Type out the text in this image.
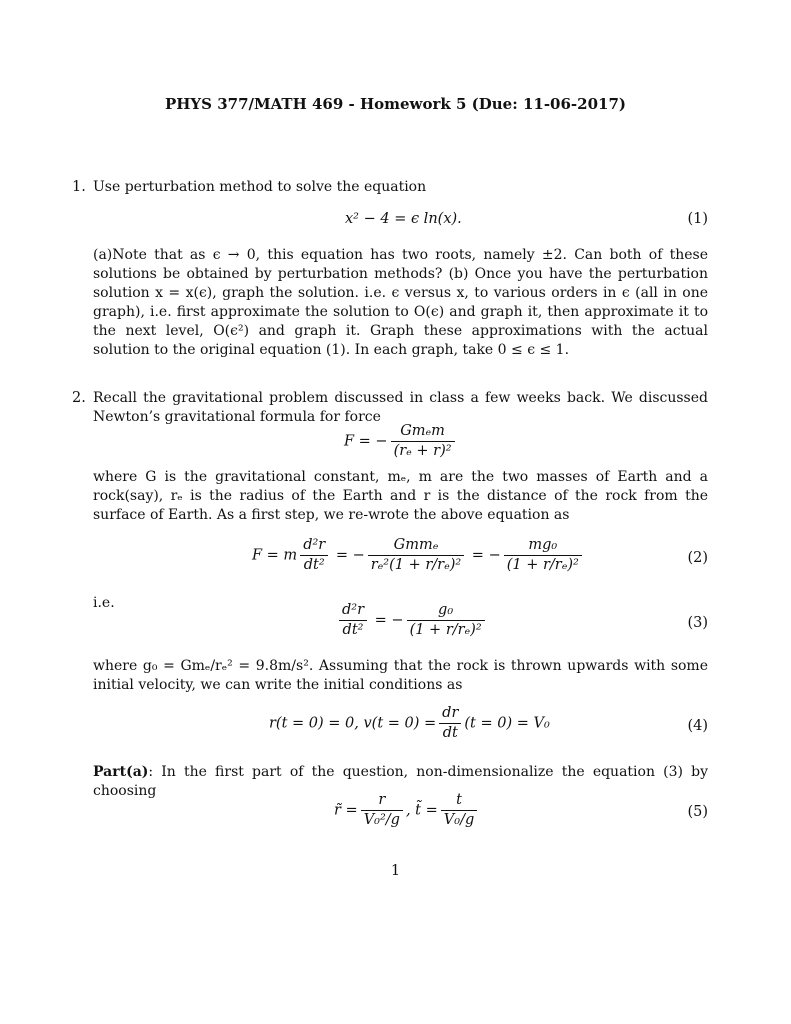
PHYS 377/MATH 469 - Homework 5 (Due: 11-06-2017)
1. Use perturbation method to solve the equation
x² − 4 = ϵ ln(x).	(1)
(a)Note that as ϵ → 0, this equation has two roots, namely ±2. Can both of these solutions be obtained by perturbation methods? (b) Once you have the perturbation solution x = x(ϵ), graph the solution. i.e. ϵ versus x, to various orders in ϵ (all in one graph), i.e. first approximate the solution to O(ϵ) and graph it, then approximate it to the next level, O(ϵ²) and graph it. Graph these approximations with the actual solution to the original equation (1). In each graph, take 0 ≤ ϵ ≤ 1.
2. Recall the gravitational problem discussed in class a few weeks back. We discussed Newton’s gravitational formula for force
F = − $\frac{\text{Gmₑm}}{\text{(rₑ + r)²}}$
where G is the gravitational constant, mₑ, m are the two masses of Earth and a rock(say), rₑ is the radius of the Earth and r is the distance of the rock from the surface of Earth. As a first step, we re-wrote the above equation as
F = m $\frac{\text{d²r}}{\text{dt²}}$ = − $\frac{\text{Gmmₑ}}{\text{rₑ²(1 + r/rₑ)²}}$ = − $\frac{\text{mg₀}}{\text{(1 + r/rₑ)²}}$	(2)
i.e.	$\frac{\text{d²r}}{\text{dt²}}$ = − $\frac{\text{g₀}}{\text{(1 + r/rₑ)²}}$	(3)
where g₀ = Gmₑ/rₑ² = 9.8m/s². Assuming that the rock is thrown upwards with some initial velocity, we can write the initial conditions as
r(t = 0) = 0, $v(t = 0) = \frac{dr}{dt} (t = 0) = V_0$	(4)
Part(a): In the first part of the question, non-dimensionalize the equation (3) by choosing
r̃ = $\frac{r}{\text{V₀²/g}}$ , t̃ = $\frac{t}{\text{V₀/g}}$	(5)
1
